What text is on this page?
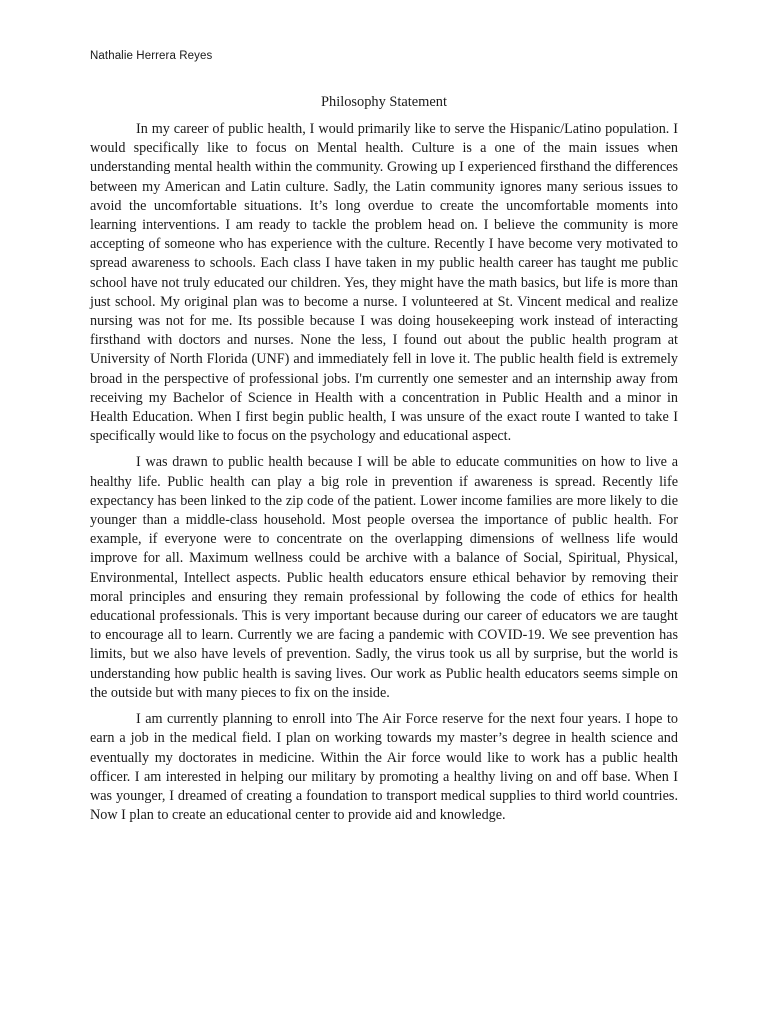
Nathalie Herrera Reyes
Philosophy Statement

In my career of public health, I would primarily like to serve the Hispanic/Latino population. I would specifically like to focus on Mental health. Culture is a one of the main issues when understanding mental health within the community. Growing up I experienced firsthand the differences between my American and Latin culture. Sadly, the Latin community ignores many serious issues to avoid the uncomfortable situations. It’s long overdue to create the uncomfortable moments into learning interventions. I am ready to tackle the problem head on. I believe the community is more accepting of someone who has experience with the culture. Recently I have become very motivated to spread awareness to schools. Each class I have taken in my public health career has taught me public school have not truly educated our children. Yes, they might have the math basics, but life is more than just school. My original plan was to become a nurse. I volunteered at St. Vincent medical and realize nursing was not for me. Its possible because I was doing housekeeping work instead of interacting firsthand with doctors and nurses. None the less, I found out about the public health program at University of North Florida (UNF) and immediately fell in love it. The public health field is extremely broad in the perspective of professional jobs. I'm currently one semester and an internship away from receiving my Bachelor of Science in Health with a concentration in Public Health and a minor in Health Education. When I first begin public health, I was unsure of the exact route I wanted to take I specifically would like to focus on the psychology and educational aspect.

I was drawn to public health because I will be able to educate communities on how to live a healthy life. Public health can play a big role in prevention if awareness is spread. Recently life expectancy has been linked to the zip code of the patient. Lower income families are more likely to die younger than a middle-class household. Most people oversea the importance of public health. For example, if everyone were to concentrate on the overlapping dimensions of wellness life would improve for all. Maximum wellness could be archive with a balance of Social, Spiritual, Physical, Environmental, Intellect aspects. Public health educators ensure ethical behavior by removing their moral principles and ensuring they remain professional by following the code of ethics for health educational professionals. This is very important because during our career of educators we are taught to encourage all to learn. Currently we are facing a pandemic with COVID-19. We see prevention has limits, but we also have levels of prevention. Sadly, the virus took us all by surprise, but the world is understanding how public health is saving lives. Our work as Public health educators seems simple on the outside but with many pieces to fix on the inside.

I am currently planning to enroll into The Air Force reserve for the next four years. I hope to earn a job in the medical field. I plan on working towards my master’s degree in health science and eventually my doctorates in medicine. Within the Air force would like to work has a public health officer. I am interested in helping our military by promoting a healthy living on and off base. When I was younger, I dreamed of creating a foundation to transport medical supplies to third world countries. Now I plan to create an educational center to provide aid and knowledge.
